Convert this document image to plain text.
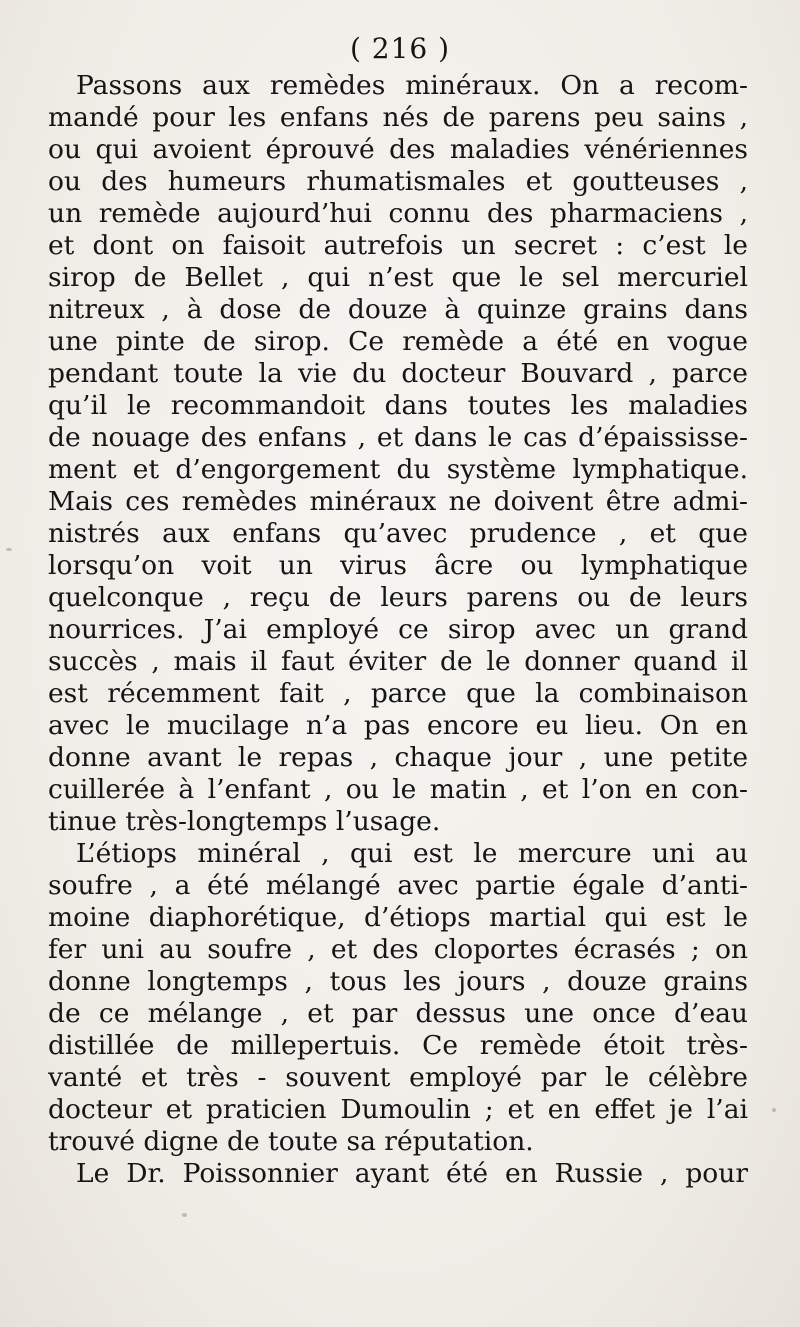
( 216 )
Passons aux remèdes minéraux. On a recom-
mandé pour les enfans nés de parens peu sains ,
ou qui avoient éprouvé des maladies vénériennes
ou des humeurs rhumatismales et goutteuses ,
un remède aujourd’hui connu des pharmaciens ,
et dont on faisoit autrefois un secret : c’est le
sirop de Bellet , qui n’est que le sel mercuriel
nitreux , à dose de douze à quinze grains dans
une pinte de sirop. Ce remède a été en vogue
pendant toute la vie du docteur Bouvard , parce
qu’il le recommandoit dans toutes les maladies
de nouage des enfans , et dans le cas d’épaississe-
ment et d’engorgement du système lymphatique.
Mais ces remèdes minéraux ne doivent être admi-
nistrés aux enfans qu’avec prudence , et que
lorsqu’on voit un virus âcre ou lymphatique
quelconque , reçu de leurs parens ou de leurs
nourrices. J’ai employé ce sirop avec un grand
succès , mais il faut éviter de le donner quand il
est récemment fait , parce que la combinaison
avec le mucilage n’a pas encore eu lieu. On en
donne avant le repas , chaque jour , une petite
cuillerée à l’enfant , ou le matin , et l’on en con-
tinue très-longtemps l’usage.
L’étiops minéral , qui est le mercure uni au
soufre , a été mélangé avec partie égale d’anti-
moine diaphorétique, d’étiops martial qui est le
fer uni au soufre , et des cloportes écrasés ; on
donne longtemps , tous les jours , douze grains
de ce mélange , et par dessus une once d’eau
distillée de millepertuis. Ce remède étoit très-
vanté et très - souvent employé par le célèbre
docteur et praticien Dumoulin ; et en effet je l’ai
trouvé digne de toute sa réputation.
Le Dr. Poissonnier ayant été en Russie , pour
